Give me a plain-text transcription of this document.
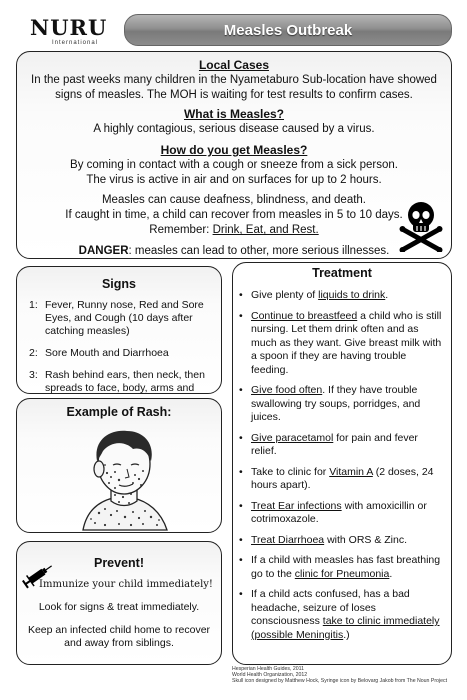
NURU
International
Measles Outbreak
Local Cases
In the past weeks many children in the Nyametaburo Sub-location have showed
signs of measles. The MOH is waiting for test results to confirm cases.
What is Measles?
A highly contagious, serious disease caused by a virus.
How do you get Measles?
By coming in contact with a cough or sneeze from a sick person.
The virus is active in air and on surfaces for up to 2 hours.
Measles can cause deafness, blindness, and death.
If caught in time, a child can recover from measles in 5 to 10 days.
Remember: Drink, Eat, and Rest.
DANGER: measles can lead to other, more serious illnesses.
Signs
1: Fever, Runny nose, Red and Sore Eyes, and Cough (10 days after catching measles)
2: Sore Mouth and Diarrhoea
3: Rash behind ears, then neck, then spreads to face, body, arms and
Example of Rash:
Prevent!
Immunize your child immediately!
Look for signs & treat immediately.
Keep an infected child home to recover and away from siblings.
Treatment
• Give plenty of liquids to drink.
• Continue to breastfeed a child who is still nursing. Let them drink often and as much as they want. Give breast milk with a spoon if they are having trouble feeding.
• Give food often. If they have trouble swallowing try soups, porridges, and juices.
• Give paracetamol for pain and fever relief.
• Take to clinic for Vitamin A (2 doses, 24 hours apart).
• Treat Ear infections with amoxicillin or cotrimoxazole.
• Treat Diarrhoea with ORS & Zinc.
• If a child with measles has fast breathing go to the clinic for Pneumonia.
• If a child acts confused, has a bad headache, seizure of loses consciousness take to clinic immediately (possible Meningitis.)
Hesperian Health Guides, 2011
World Health Organization, 2012
Skull icon designed by Matthew Hock, Syringe icon by Belovarg Jakob from The Noun Project
